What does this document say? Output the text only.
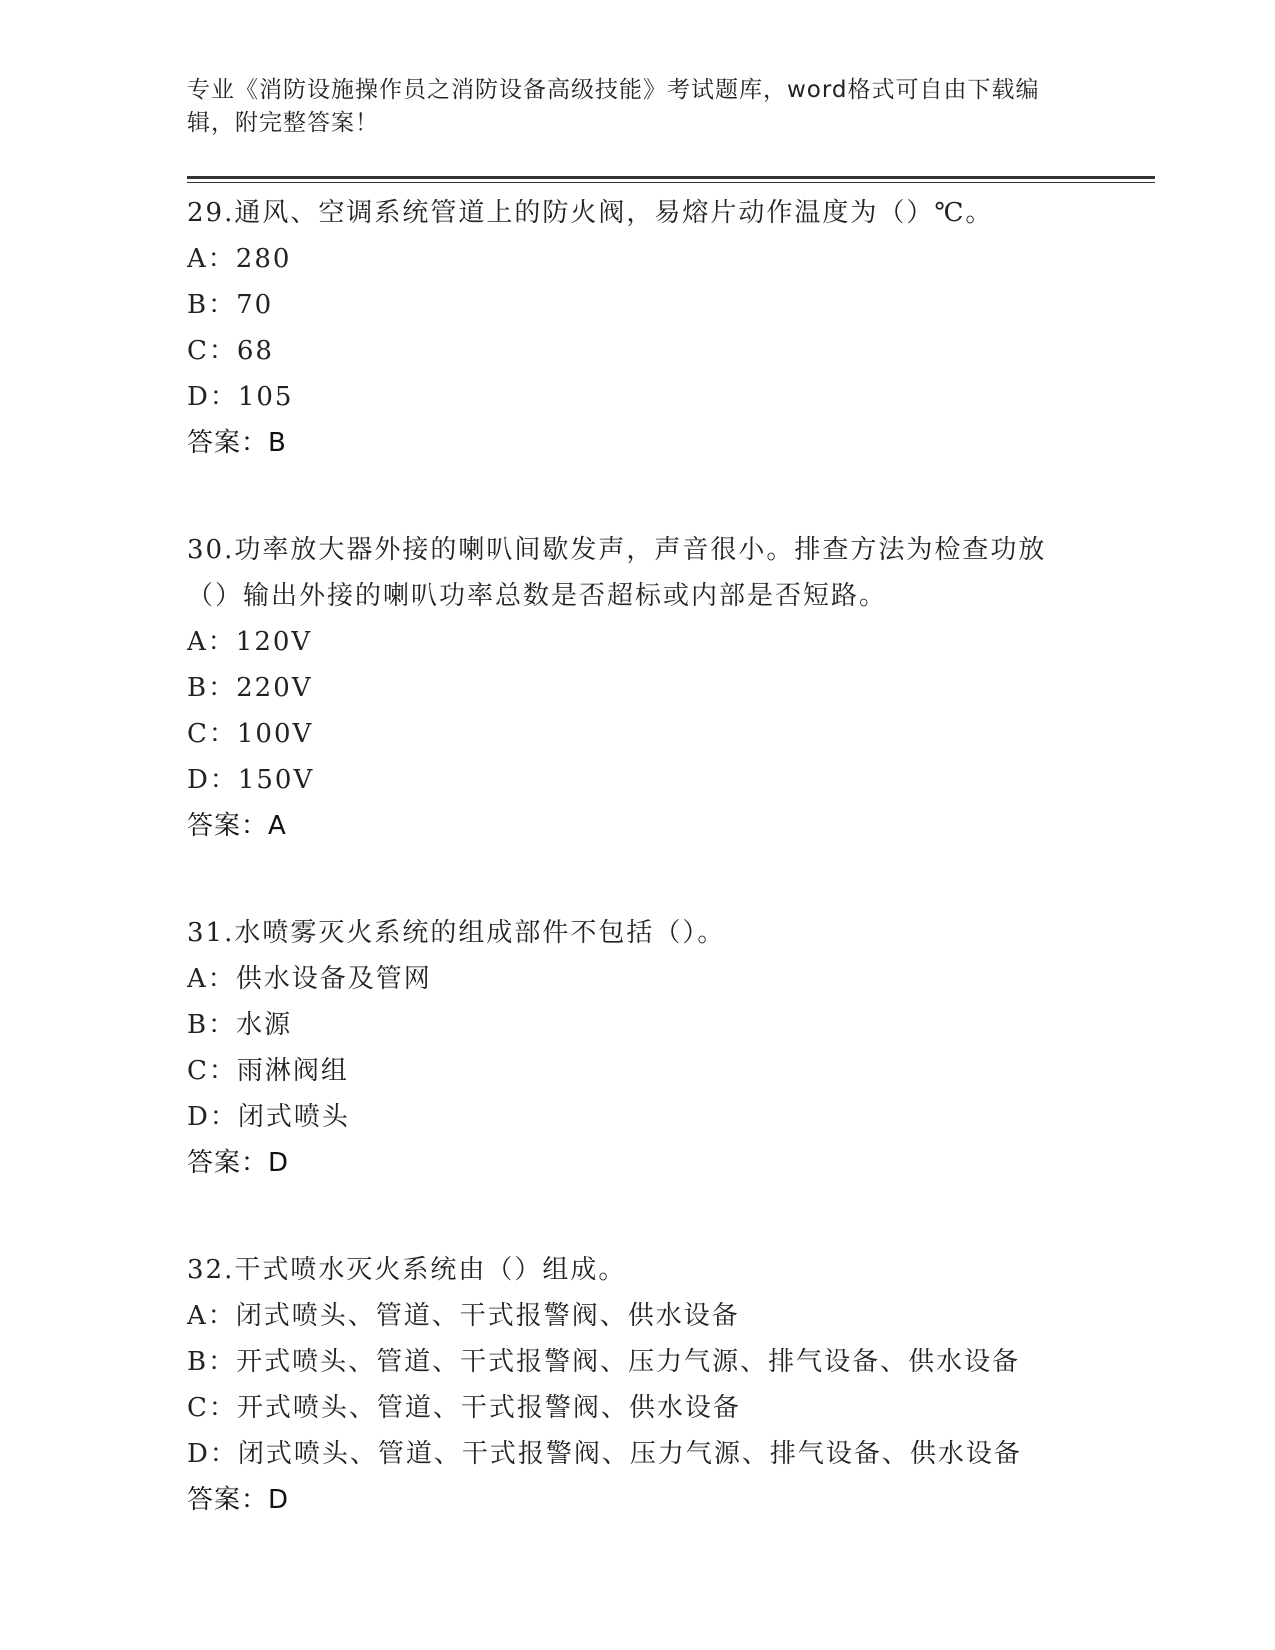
专业《消防设施操作员之消防设备高级技能》考试题库，word格式可自由下载编
辑，附完整答案！
29.通风、空调系统管道上的防火阀，易熔片动作温度为（）℃。
A：280
B：70
C：68
D：105
答案：B
30.功率放大器外接的喇叭间歇发声，声音很小。排查方法为检查功放（）输出外接的喇叭功率总数是否超标或内部是否短路。
A：120V
B：220V
C：100V
D：150V
答案：A
31.水喷雾灭火系统的组成部件不包括（）。
A：供水设备及管网
B：水源
C：雨淋阀组
D：闭式喷头
答案：D
32.干式喷水灭火系统由（）组成。
A：闭式喷头、管道、干式报警阀、供水设备
B：开式喷头、管道、干式报警阀、压力气源、排气设备、供水设备
C：开式喷头、管道、干式报警阀、供水设备
D：闭式喷头、管道、干式报警阀、压力气源、排气设备、供水设备
答案：D
